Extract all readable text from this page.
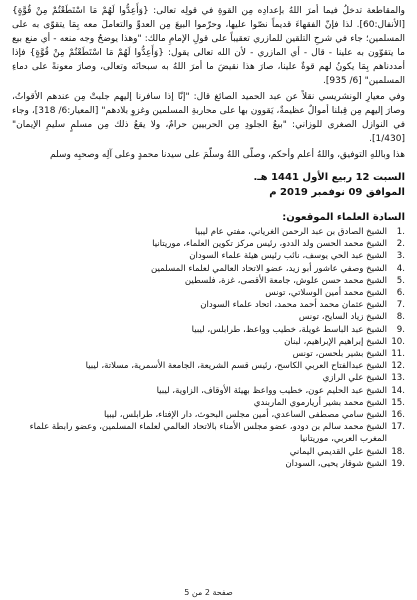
والمقاطعة تدخلُ فيما أمرَ اللهُ بإعدادِه مِن القوةِ في قولِه تعالى: {وَأَعِدُّوا لَهُمْ مَا اسْتَطَعْتُمْ مِنْ قُوَّةٍ} [الأنفال:60]. لذا فإنّ الفقهاءَ قديماً نصّوا عليها، وحرّموا البيعَ مِن العدوِّ والتعاملَ معه بِمَا يتقوّى به على المسلمين؛ جاء في شرحِ التلقين للمازري تعقيباً على قولِ الإمامِ مالك: "وهذا يوضحُ وجه منعه - أي منع بيع ما يتقوّون به علينا - قال - أي المازري - لأن الله تعالى يقول: {وَأَعِدُّوا لَهُمْ مَا اسْتَطَعْتُمْ مِنْ قُوَّةٍ} فإذا أمددناهم بِمَا يكونُ لهم قوةٌ علينا، صارَ هذا نقيضَ ما أمرَ اللهُ به سبحانَه وتعالى، وصارَ معونةً على دماءِ المسلمين" [6/ 935].

وفي معيارِ الونشريسي نقلاً عن عبد الحميد الصائغ قال: "إنّا إذا سافرنا إليهم جلبتْ مِن عندهم الأقواتُ، وصارَ إليهم مِن قِبلنا أموالٌ عظيمةٌ، يَقوون بها على محاربةِ المسلمين وغزوِ بلادهم" [المعيار:6/ 318]، وجاء في النوازل الصغرى للوزاني: "بيعُ الجلودِ مِن الحربيين حرامٌ، ولا يقعُ ذلك مِن مسلمٍ سليمِ الإيمان" [1/430].

هذا وباللهِ التوفيق، واللهُ أعلم وأحكم، وصلّى اللهُ وسلّمَ على سيدنا محمدٍ وعلى آلِه وصحبِه وسلم

السبت 12 ربيع الأول 1441 هـ.
الموافق 09 نوفمبر 2019 م
السادة العلماء الموقعون:
1.
الشيخ الصادق بن عبد الرحمن الغرياني، مفتي عام ليبيا
2.
الشيخ محمد الحسن ولد الددو، رئيس مركز تكوين العلماء، موريتانيا
3.
الشيخ عبد الحي يوسف، نائب رئيس هيئة علماء السودان
4.
الشيخ وصفي عاشور أبو زيد، عضو الاتحاد العالمي لعلماء المسلمين
5.
الشيخ محمد حسن علوش، جامعة الأقصى، غزة، فلسطين
6.
الشيخ محمد أمين الوسلاتي، تونس
7.
الشيخ عثمان محمد أحمد محمد، اتحاد علماء السودان
8.
الشيخ زياد السايح، تونس
9.
الشيخ عبد الباسط غويلة، خطيب وواعظ، طرابلس، ليبيا
10.
الشيخ إبراهيم الإبراهيم، لبنان
11.
الشيخ بشير بلحسن، تونس
12.
الشيخ عبدالفتاح العربي الكاسح، رئيس قسم الشريعة، الجامعة الأسمرية، مسلاتة، ليبيا
13.
الشيخ علي الرازي
14.
الشيخ عبد الحليم عون، خطيب وواعظ بهيئة الأوقاف، الزاوية، ليبيا
15.
الشيخ محمد بشير أريارموي الماربندي
16.
الشيخ سامي مصطفى الساعدي، أمين مجلس البحوث، دار الإفتاء، طرابلس، ليبيا
17.
الشيخ محمد سالم بن دودو، عضو مجلس الأمناء بالاتحاد العالمي لعلماء المسلمين، وعضو رابطة علماء المغرب العربي، موريتانيا
18.
الشيخ علي القديمي اليماني
19.
الشيخ شوقار يحيى، السودان
صفحة 2 من 5
